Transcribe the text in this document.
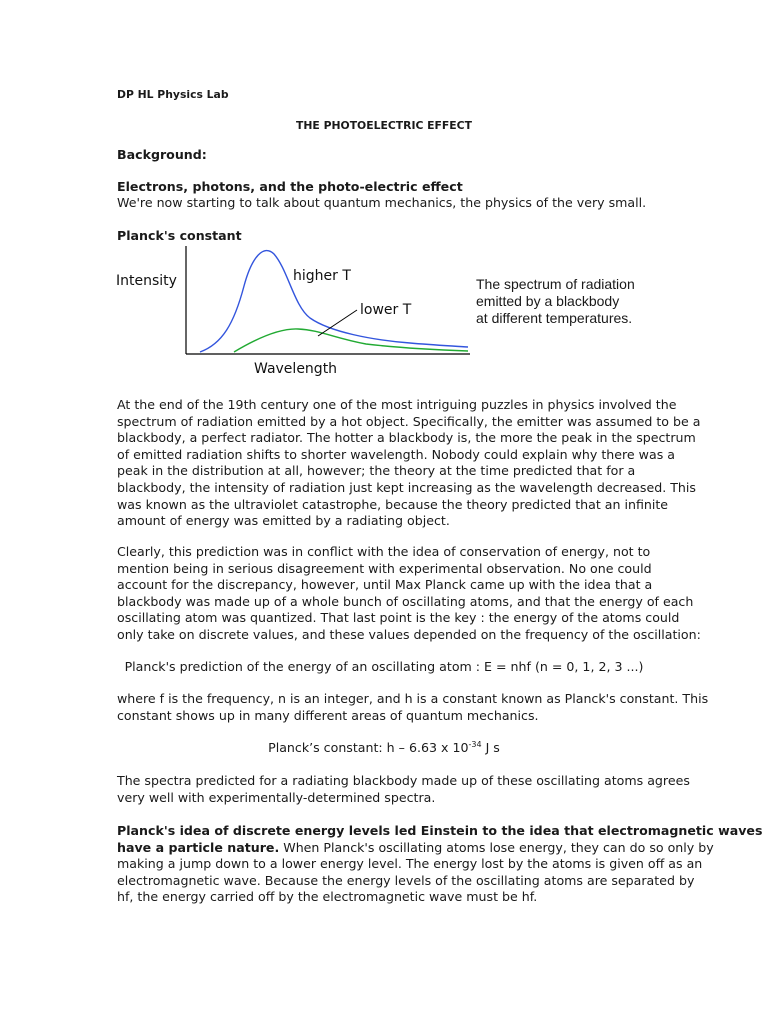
DP HL Physics Lab
THE PHOTOELECTRIC EFFECT
Background:
Electrons, photons, and the photo-electric effect
We're now starting to talk about quantum mechanics, the physics of the very small.
Planck's constant
Intensity
Wavelength
higher T
lower T
The spectrum of radiation
emitted by a blackbody
at different temperatures.
At the end of the 19th century one of the most intriguing puzzles in physics involved the
spectrum of radiation emitted by a hot object. Specifically, the emitter was assumed to be a
blackbody, a perfect radiator. The hotter a blackbody is, the more the peak in the spectrum
of emitted radiation shifts to shorter wavelength. Nobody could explain why there was a
peak in the distribution at all, however; the theory at the time predicted that for a
blackbody, the intensity of radiation just kept increasing as the wavelength decreased. This
was known as the ultraviolet catastrophe, because the theory predicted that an infinite
amount of energy was emitted by a radiating object.
Clearly, this prediction was in conflict with the idea of conservation of energy, not to
mention being in serious disagreement with experimental observation. No one could
account for the discrepancy, however, until Max Planck came up with the idea that a
blackbody was made up of a whole bunch of oscillating atoms, and that the energy of each
oscillating atom was quantized. That last point is the key : the energy of the atoms could
only take on discrete values, and these values depended on the frequency of the oscillation:
Planck's prediction of the energy of an oscillating atom : E = nhf (n = 0, 1, 2, 3 ...)
where f is the frequency, n is an integer, and h is a constant known as Planck's constant. This
constant shows up in many different areas of quantum mechanics.
Planck’s constant: h – 6.63 x $10^{-34}$ J s
The spectra predicted for a radiating blackbody made up of these oscillating atoms agrees
very well with experimentally-determined spectra.
Planck's idea of discrete energy levels led Einstein to the idea that electromagnetic waves
have a particle nature. When Planck's oscillating atoms lose energy, they can do so only by
making a jump down to a lower energy level. The energy lost by the atoms is given off as an
electromagnetic wave. Because the energy levels of the oscillating atoms are separated by
hf, the energy carried off by the electromagnetic wave must be hf.
